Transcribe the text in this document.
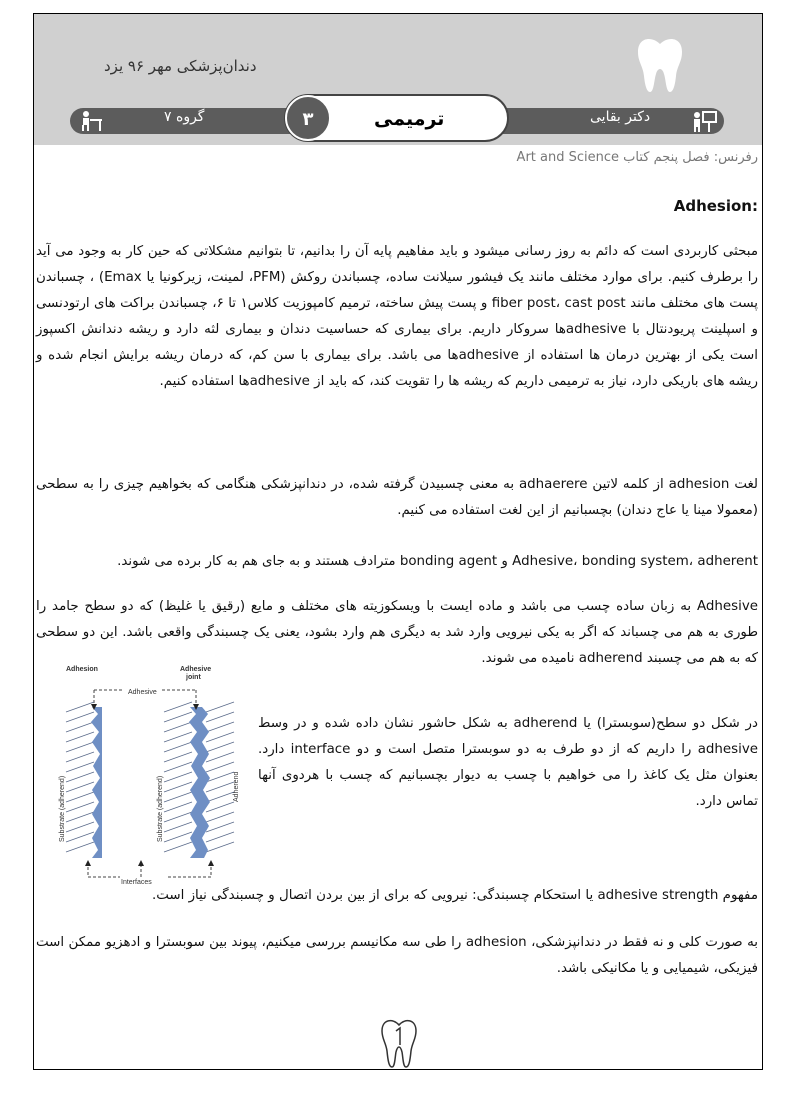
دندان‌پزشکی مهر ۹۶ یزد
گروه ۷	ترمیمی
۳	دکتر بقایی
رفرنس: فصل پنجم کتاب Art and Science
Adhesion:

مبحثی کاربردی است که دائم به روز رسانی میشود و باید مفاهیم پایه آن را بدانیم، تا بتوانیم مشکلاتی که حین کار به وجود می آید را برطرف کنیم. برای موارد مختلف مانند یک فیشور سیلانت ساده، چسباندن روکش (PFM، لمینت، زیرکونیا یا Emax) ، چسباندن پست های مختلف مانند fiber post، cast post و پست پیش ساخته، ترمیم کامپوزیت کلاس۱ تا ۶، چسباندن براکت های ارتودنسی و اسپلینت پریودنتال با adhesiveها سروکار داریم. برای بیماری که حساسیت دندان و بیماری لثه دارد و ریشه دندانش اکسپوز است یکی از بهترین درمان ها استفاده از adhesiveها می باشد. برای بیماری با سن کم، که درمان ریشه برایش انجام شده و ریشه های باریکی دارد، نیاز به ترمیمی داریم که ریشه ها را تقویت کند، که باید از adhesiveها استفاده کنیم.

لغت adhesion از کلمه لاتین adhaerere به معنی چسبیدن گرفته شده، در دندانپزشکی هنگامی که بخواهیم چیزی را به سطحی (معمولا مینا یا عاج دندان) بچسبانیم از این لغت استفاده می کنیم.

Adhesive، bonding system، adherent و bonding agent مترادف هستند و به جای هم به کار برده می شوند.

Adhesive به زبان ساده چسب می باشد و ماده ایست با ویسکوزیته های مختلف و مایع (رقیق یا غلیظ) که دو سطح جامد را طوری به هم می چسباند که اگر به یکی نیرویی وارد شد به دیگری هم وارد بشود، یعنی یک چسبندگی واقعی باشد. این دو سطحی که به هم می چسبند adherend نامیده می شوند.

در شکل دو سطح(سوبسترا) یا adherend به شکل حاشور نشان داده شده و در وسط adhesive را داریم که از دو طرف به دو سوبسترا متصل است و دو interface دارد. بعنوان مثل یک کاغذ را می خواهیم با چسب به دیوار بچسبانیم که چسب با هردوی آنها تماس دارد.

مفهوم adhesive strength یا استحکام چسبندگی: نیرویی که برای از بین بردن اتصال و چسبندگی نیاز است.

به صورت کلی و نه فقط در دندانپزشکی، adhesion را طی سه مکانیسم بررسی میکنیم، پیوند بین سوبسترا و ادهزیو ممکن است فیزیکی، شیمیایی و یا مکانیکی باشد.

Adhesion	Adhesive
joint
Adhesive
Interfaces
Substrate (adherend)	Substrate (adherend)	Adherend
